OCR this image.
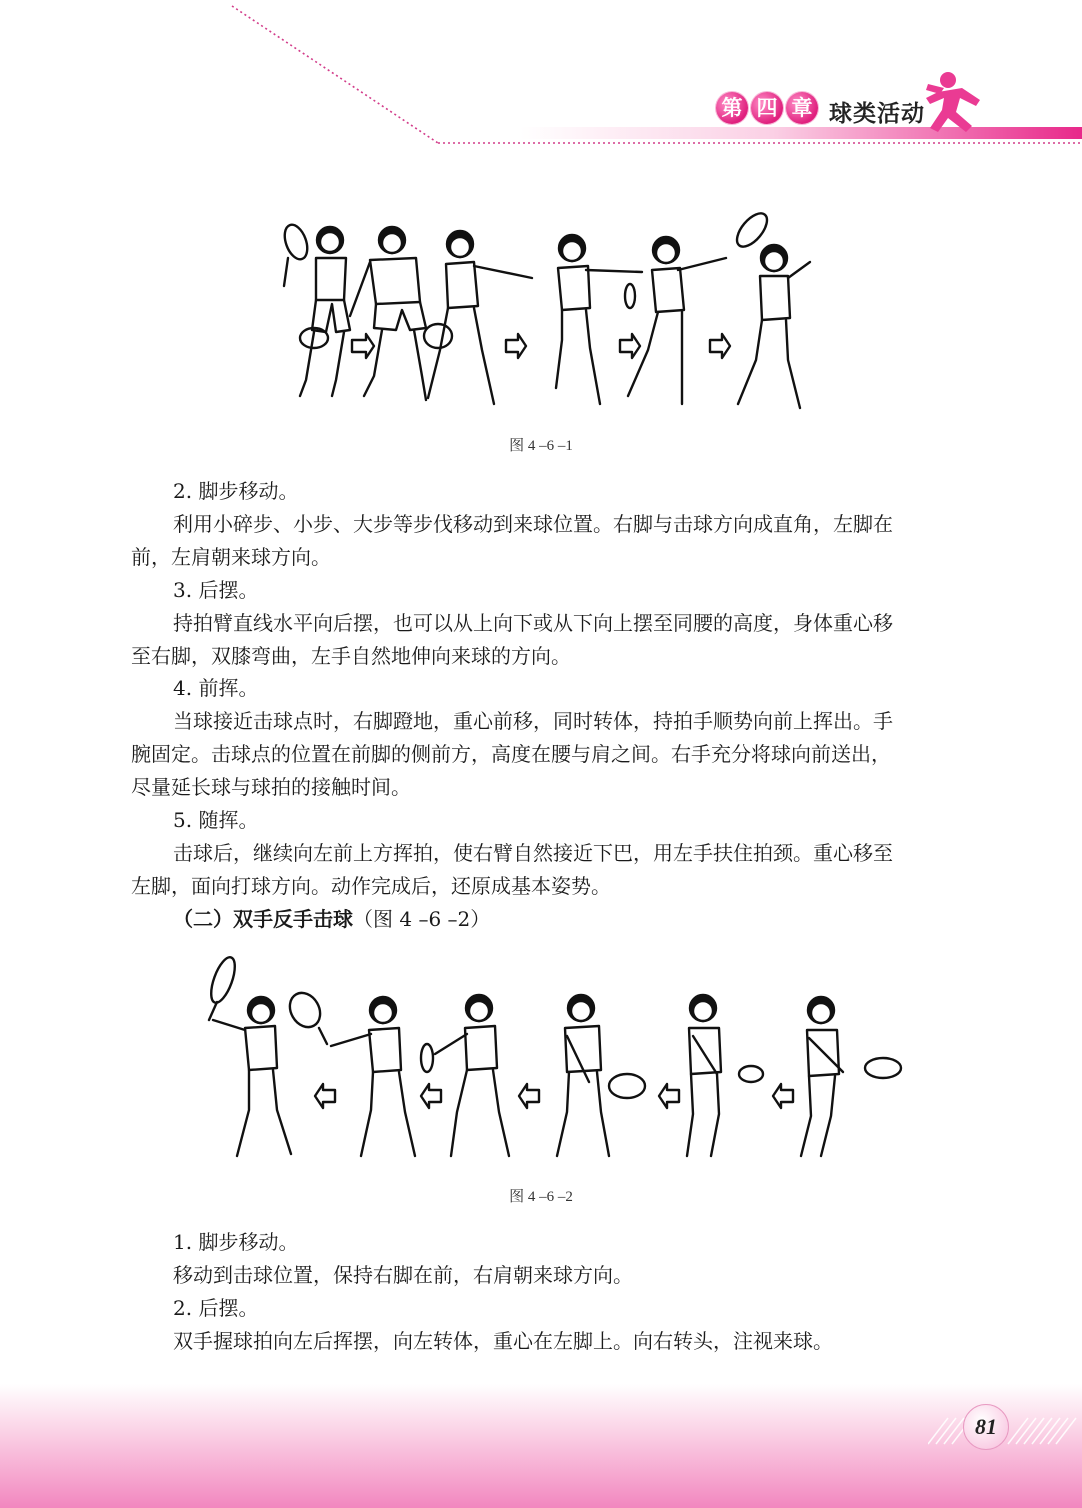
第 四 章 球类活动
图 4 –6 –1
2. 脚步移动。
利用小碎步、小步、大步等步伐移动到来球位置。右脚与击球方向成直角，左脚在
前，左肩朝来球方向。
3. 后摆。
持拍臂直线水平向后摆，也可以从上向下或从下向上摆至同腰的高度，身体重心移
至右脚，双膝弯曲，左手自然地伸向来球的方向。
4. 前挥。
当球接近击球点时，右脚蹬地，重心前移，同时转体，持拍手顺势向前上挥出。手
腕固定。击球点的位置在前脚的侧前方，高度在腰与肩之间。右手充分将球向前送出，
尽量延长球与球拍的接触时间。
5. 随挥。
击球后，继续向左前上方挥拍，使右臂自然接近下巴，用左手扶住拍颈。重心移至
左脚，面向打球方向。动作完成后，还原成基本姿势。
（二）双手反手击球（图 4 –6 –2）
图 4 –6 –2
1. 脚步移动。
移动到击球位置，保持右脚在前，右肩朝来球方向。
2. 后摆。
双手握球拍向左后挥摆，向左转体，重心在左脚上。向右转头，注视来球。
81
